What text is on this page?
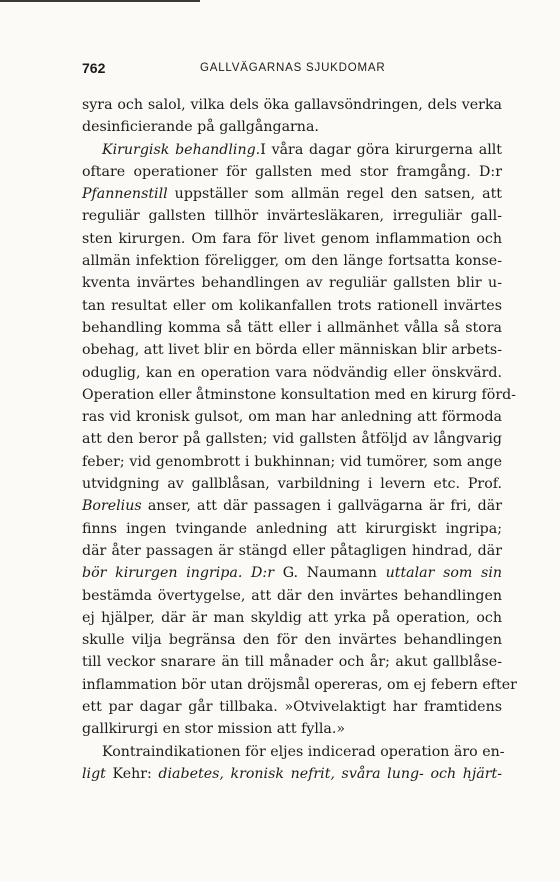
762	GALLVÄGARNAS SJUKDOMAR

syra och salol, vilka dels öka gallavsöndringen, dels verka
desinficierande på gallgångarna.

Kirurgisk behandling.I våra dagar göra kirurgerna allt
oftare operationer för gallsten med stor framgång. D:r
Pfannenstill uppställer som allmän regel den satsen, att
reguliär gallsten tillhör invärtesläkaren, irreguliär gall-
sten kirurgen. Om fara för livet genom inflammation och
allmän infektion föreligger, om den länge fortsatta konse-
kventa invärtes behandlingen av reguliär gallsten blir u-
tan resultat eller om kolikanfallen trots rationell invärtes
behandling komma så tätt eller i allmänhet vålla så stora
obehag, att livet blir en börda eller människan blir arbets-
oduglig, kan en operation vara nödvändig eller önskvärd.
Operation eller åtminstone konsultation med en kirurg förd-
ras vid kronisk gulsot, om man har anledning att förmoda
att den beror på gallsten; vid gallsten åtföljd av långvarig
feber; vid genombrott i bukhinnan; vid tumörer, som ange
utvidgning av gallblåsan, varbildning i levern etc. Prof.
Borelius anser, att där passagen i gallvägarna är fri, där
finns ingen tvingande anledning att kirurgiskt ingripa;
där åter passagen är stängd eller påtagligen hindrad, där
bör kirurgen ingripa. D:r G. Naumann uttalar som sin
bestämda övertygelse, att där den invärtes behandlingen
ej hjälper, där är man skyldig att yrka på operation, och
skulle vilja begränsa den för den invärtes behandlingen
till veckor snarare än till månader och år; akut gallblåse-
inflammation bör utan dröjsmål opereras, om ej febern efter
ett par dagar går tillbaka. »Otvivelaktigt har framtidens
gallkirurgi en stor mission att fylla.»

Kontraindikationen för eljes indicerad operation äro en-
ligt Kehr: diabetes, kronisk nefrit, svåra lung- och hjärt-
